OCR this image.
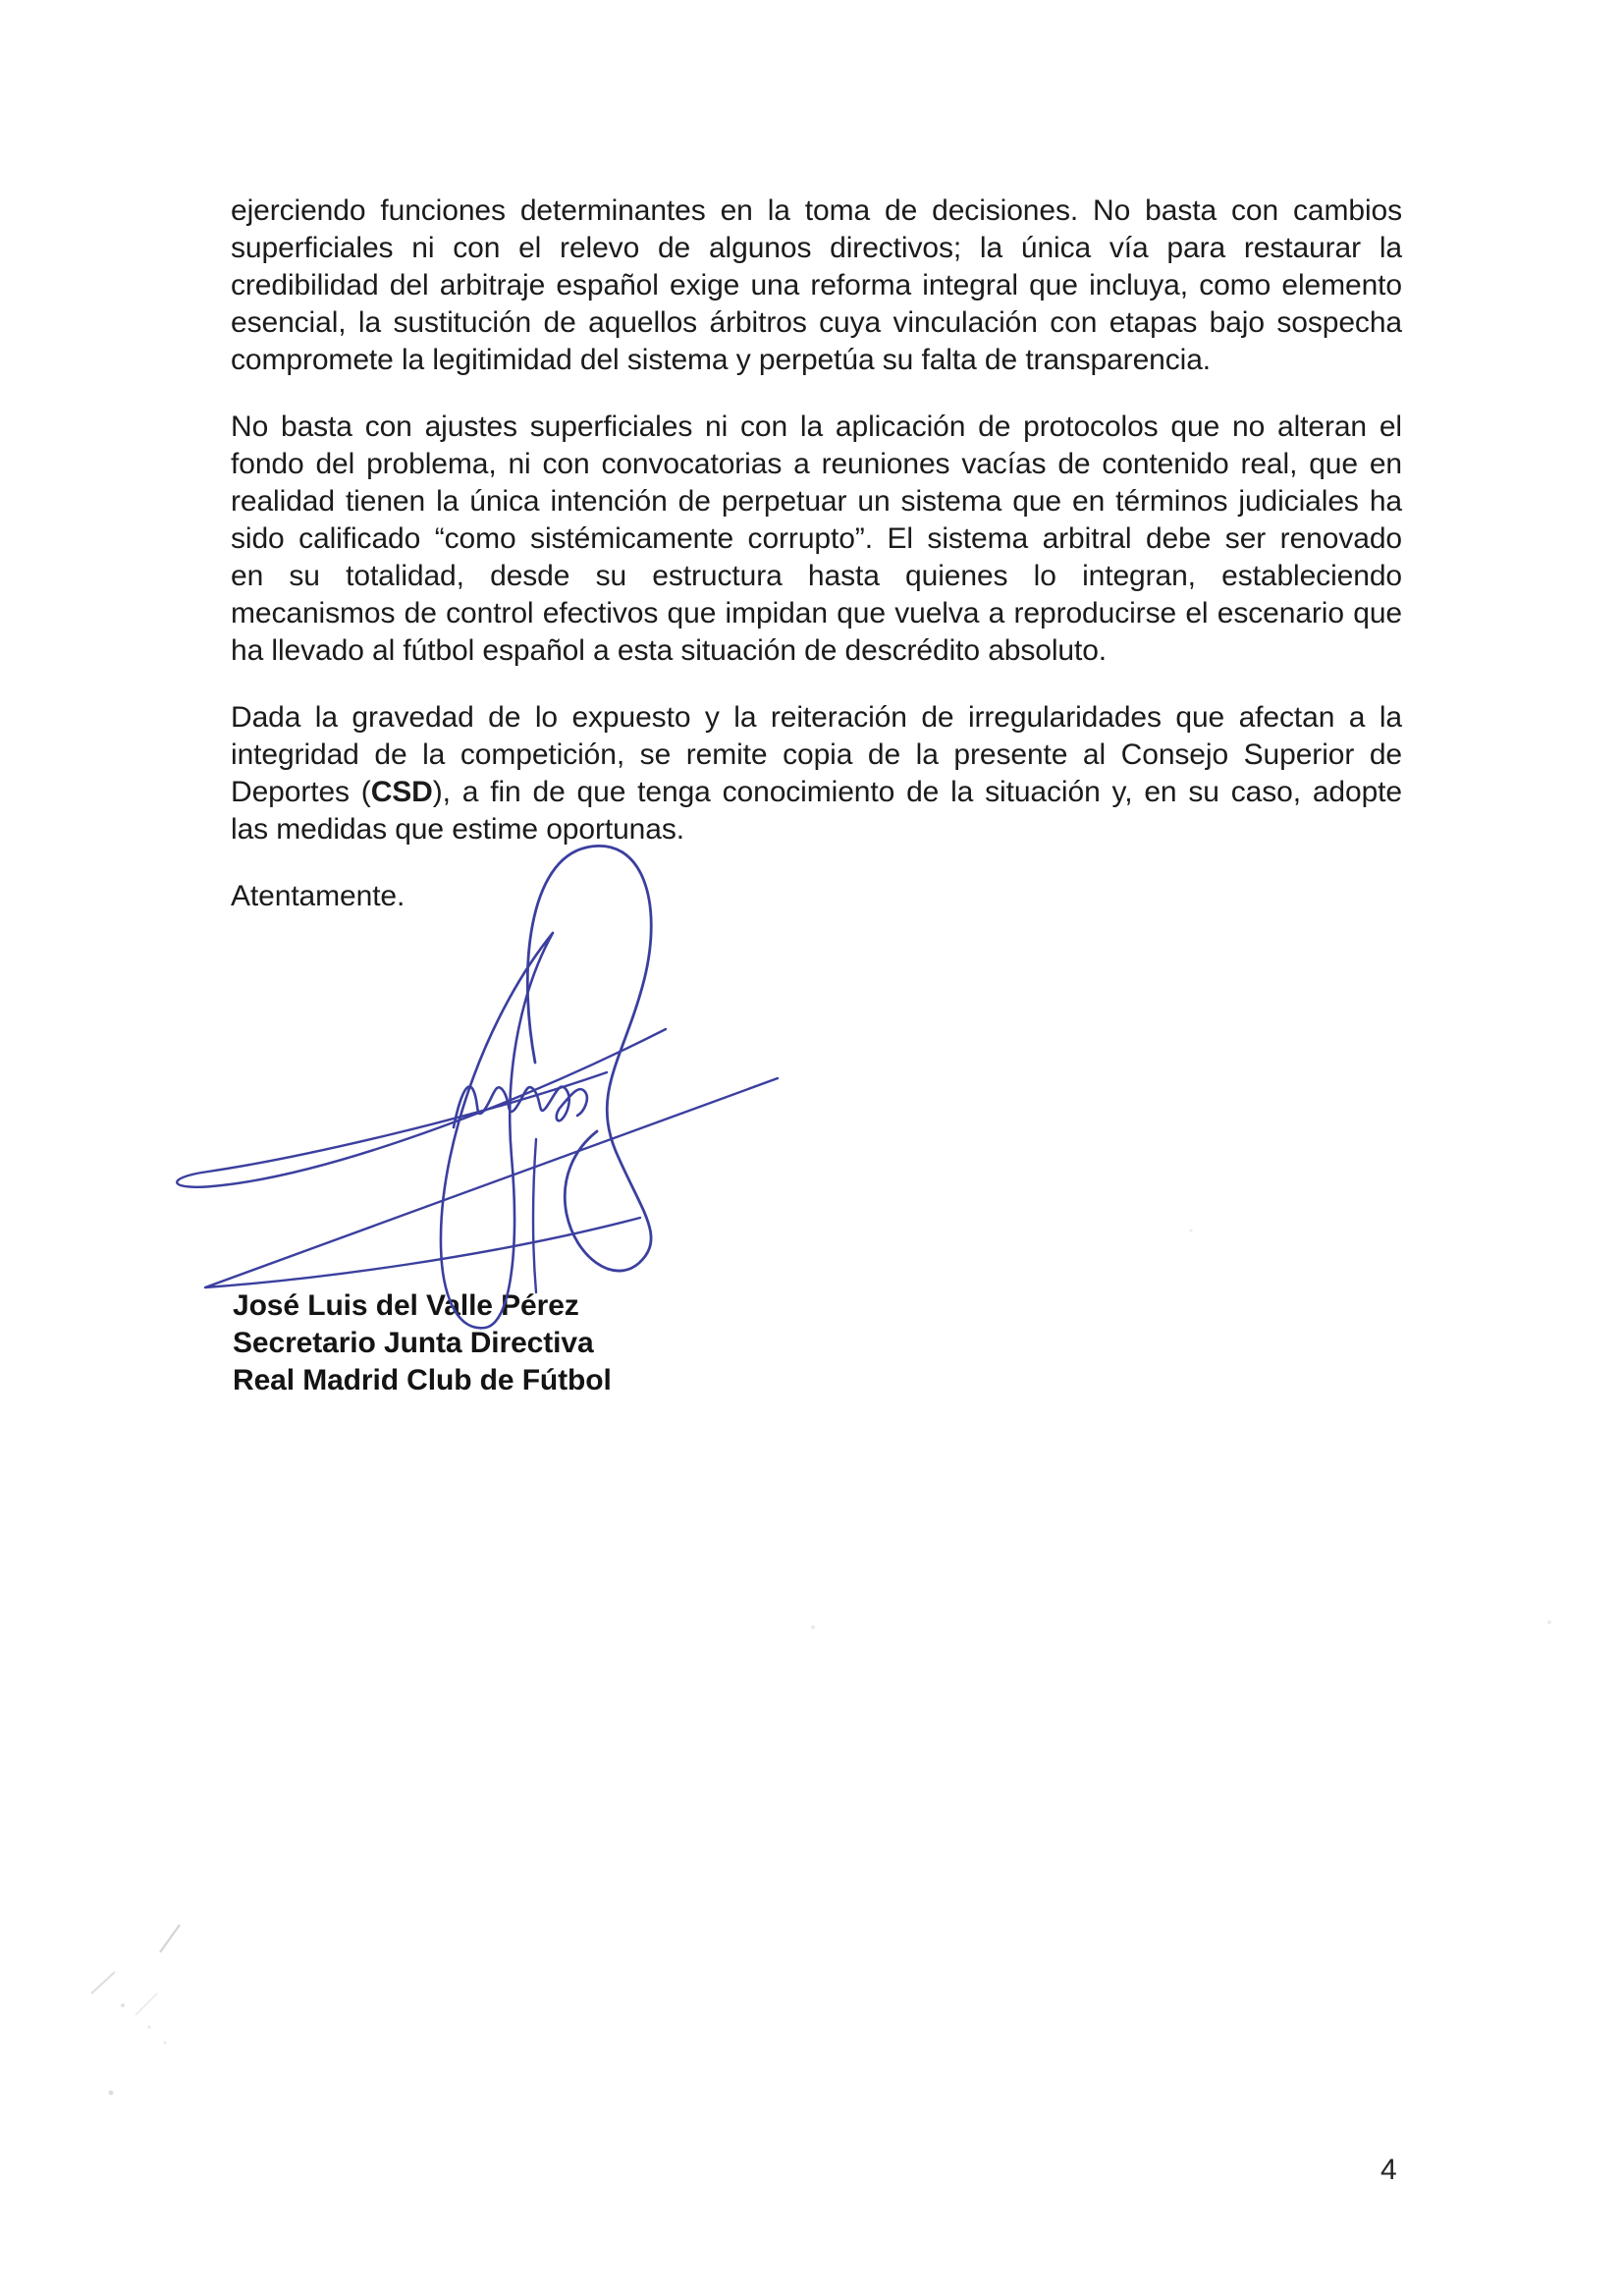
ejerciendo funciones determinantes en la toma de decisiones. No basta con cambios
superficiales ni con el relevo de algunos directivos; la única vía para restaurar la
credibilidad del arbitraje español exige una reforma integral que incluya, como elemento
esencial, la sustitución de aquellos árbitros cuya vinculación con etapas bajo sospecha
compromete la legitimidad del sistema y perpetúa su falta de transparencia.
No basta con ajustes superficiales ni con la aplicación de protocolos que no alteran el
fondo del problema, ni con convocatorias a reuniones vacías de contenido real, que en
realidad tienen la única intención de perpetuar un sistema que en términos judiciales ha
sido calificado “como sistémicamente corrupto”. El sistema arbitral debe ser renovado
en su totalidad, desde su estructura hasta quienes lo integran, estableciendo
mecanismos de control efectivos que impidan que vuelva a reproducirse el escenario que
ha llevado al fútbol español a esta situación de descrédito absoluto.
Dada la gravedad de lo expuesto y la reiteración de irregularidades que afectan a la
integridad de la competición, se remite copia de la presente al Consejo Superior de
Deportes (CSD), a fin de que tenga conocimiento de la situación y, en su caso, adopte
las medidas que estime oportunas.
Atentamente.
José Luis del Valle Pérez
Secretario Junta Directiva
Real Madrid Club de Fútbol
4
